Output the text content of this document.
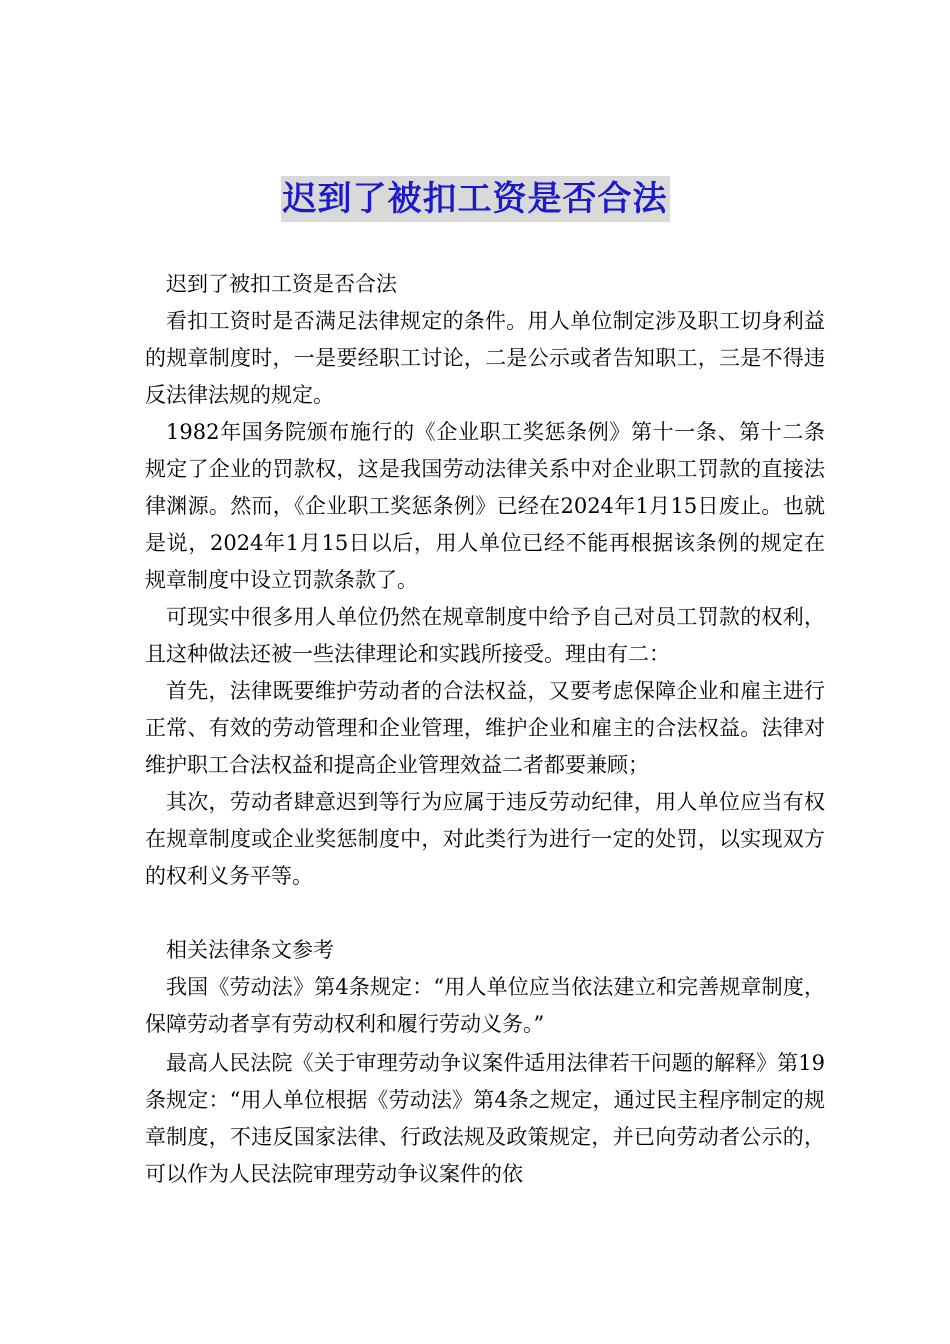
迟到了被扣工资是否合法

迟到了被扣工资是否合法

看扣工资时是否满足法律规定的条件。用人单位制定涉及职工切身利益的规章制度时，一是要经职工讨论，二是公示或者告知职工，三是不得违反法律法规的规定。

1982年国务院颁布施行的《企业职工奖惩条例》第十一条、第十二条规定了企业的罚款权，这是我国劳动法律关系中对企业职工罚款的直接法律渊源。然而，《企业职工奖惩条例》已经在2024年1月15日废止。也就是说，2024年1月15日以后，用人单位已经不能再根据该条例的规定在规章制度中设立罚款条款了。

可现实中很多用人单位仍然在规章制度中给予自己对员工罚款的权利，且这种做法还被一些法律理论和实践所接受。理由有二：

首先，法律既要维护劳动者的合法权益，又要考虑保障企业和雇主进行正常、有效的劳动管理和企业管理，维护企业和雇主的合法权益。法律对维护职工合法权益和提高企业管理效益二者都要兼顾；

其次，劳动者肆意迟到等行为应属于违反劳动纪律，用人单位应当有权在规章制度或企业奖惩制度中，对此类行为进行一定的处罚，以实现双方的权利义务平等。

相关法律条文参考

我国《劳动法》第4条规定：“用人单位应当依法建立和完善规章制度，保障劳动者享有劳动权利和履行劳动义务。”

最高人民法院《关于审理劳动争议案件适用法律若干问题的解释》第19条规定：“用人单位根据《劳动法》第4条之规定，通过民主程序制定的规章制度，不违反国家法律、行政法规及政策规定，并已向劳动者公示的，可以作为人民法院审理劳动争议案件的依
